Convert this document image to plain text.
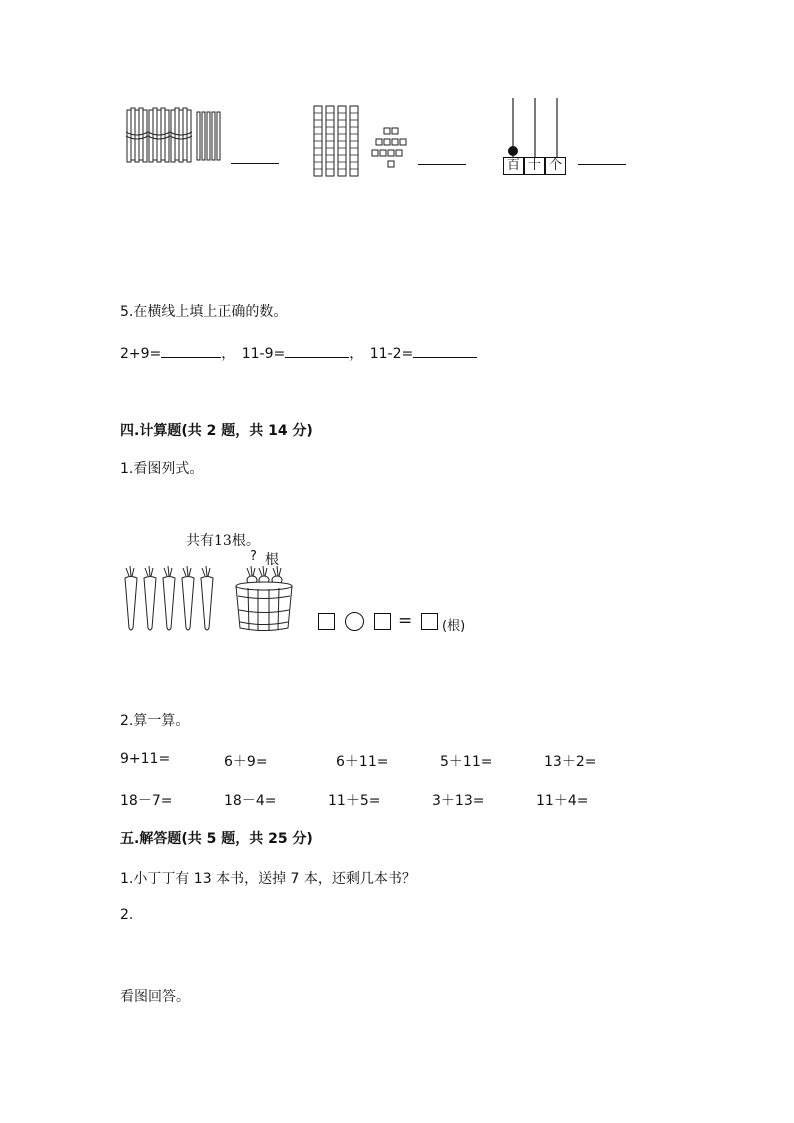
百 十 个
5.在横线上填上正确的数。
2+9=	， 11-9=	， 11-2=
四.计算题(共 2 题，共 14 分)
1.看图列式。
共有13根。
? 根
= (根)
2.算一算。
9+11=	6＋9=	6＋11=	5＋11=	13＋2=
18－7=	18－4=	11＋5=	3＋13=	11＋4=
五.解答题(共 5 题，共 25 分)
1.小丁丁有 13 本书，送掉 7 本，还剩几本书？
2.
看图回答。
